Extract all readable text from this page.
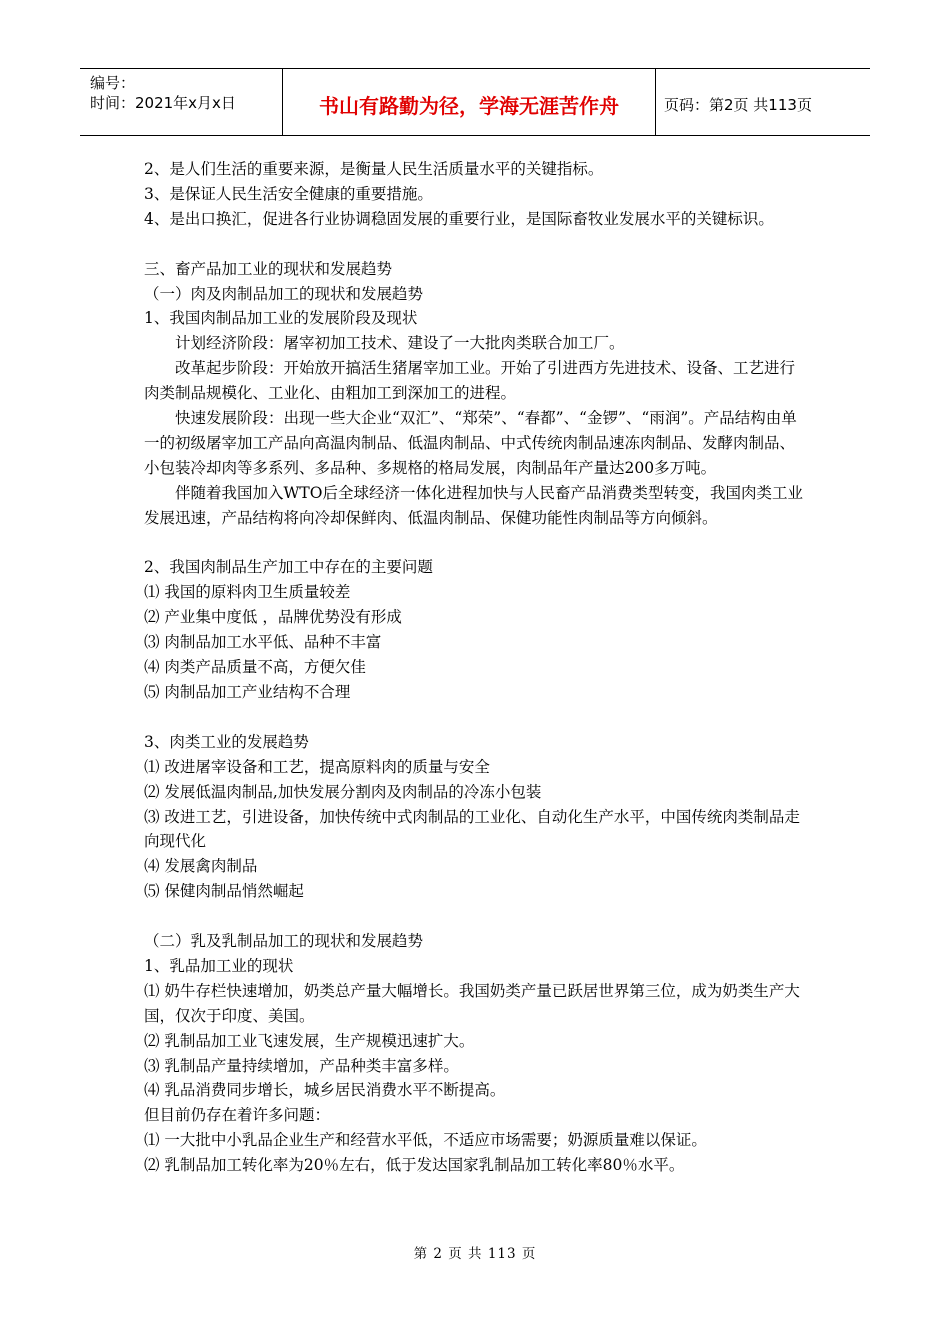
编号：
时间：2021年x月x日	书山有路勤为径，学海无涯苦作舟	页码：第2页 共113页

2、是人们生活的重要来源，是衡量人民生活质量水平的关键指标。

3、是保证人民生活安全健康的重要措施。

4、是出口换汇，促进各行业协调稳固发展的重要行业，是国际畜牧业发展水平的关键标识。

三、畜产品加工业的现状和发展趋势

（一）肉及肉制品加工的现状和发展趋势

1、我国肉制品加工业的发展阶段及现状

计划经济阶段：屠宰初加工技术、建设了一大批肉类联合加工厂。

改革起步阶段：开始放开搞活生猪屠宰加工业。开始了引进西方先进技术、设备、工艺进行肉类制品规模化、工业化、由粗加工到深加工的进程。

快速发展阶段：出现一些大企业“双汇”、“郑荣”、“春都”、“金锣”、“雨润”。产品结构由单一的初级屠宰加工产品向高温肉制品、低温肉制品、中式传统肉制品速冻肉制品、发酵肉制品、小包装冷却肉等多系列、多品种、多规格的格局发展，肉制品年产量达200多万吨。

伴随着我国加入WTO后全球经济一体化进程加快与人民畜产品消费类型转变，我国肉类工业发展迅速，产品结构将向冷却保鲜肉、低温肉制品、保健功能性肉制品等方向倾斜。

2、我国肉制品生产加工中存在的主要问题

⑴ 我国的原料肉卫生质量较差

⑵ 产业集中度低 ，品牌优势没有形成

⑶ 肉制品加工水平低、品种不丰富

⑷ 肉类产品质量不高，方便欠佳

⑸ 肉制品加工产业结构不合理

3、肉类工业的发展趋势

⑴ 改进屠宰设备和工艺，提高原料肉的质量与安全

⑵ 发展低温肉制品,加快发展分割肉及肉制品的冷冻小包装

⑶ 改进工艺，引进设备，加快传统中式肉制品的工业化、自动化生产水平，中国传统肉类制品走向现代化

⑷ 发展禽肉制品

⑸ 保健肉制品悄然崛起

（二）乳及乳制品加工的现状和发展趋势

1、乳品加工业的现状

⑴ 奶牛存栏快速增加，奶类总产量大幅增长。我国奶类产量已跃居世界第三位，成为奶类生产大国，仅次于印度、美国。

⑵ 乳制品加工业飞速发展，生产规模迅速扩大。

⑶ 乳制品产量持续增加，产品种类丰富多样。

⑷ 乳品消费同步增长，城乡居民消费水平不断提高。

但目前仍存在着许多问题：

⑴ 一大批中小乳品企业生产和经营水平低，不适应市场需要；奶源质量难以保证。

⑵ 乳制品加工转化率为20％左右，低于发达国家乳制品加工转化率80％水平。

第 2 页 共 113 页
